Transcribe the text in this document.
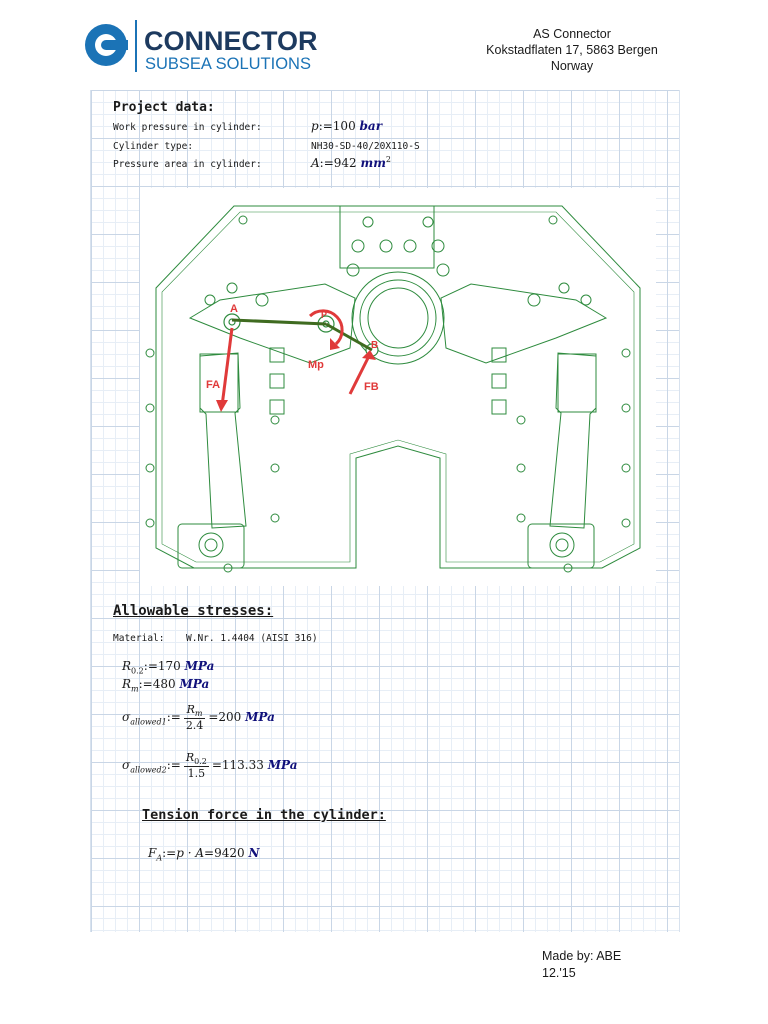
CONNECTOR
SUBSEA SOLUTIONS
AS Connector
Kokstadflaten 17, 5863 Bergen
Norway
Project data:
Work pressure in cylinder:	p:=100 bar
Cylinder type:	NH30-SD-40/20X110-S
Pressure area in cylinder:	A:=942 $mm^2$
A	P
B
Mp
FA	FB
Allowable stresses:
Material: W.Nr. 1.4404 (AISI 316)
$R_{0.2}:=170$ MPa
$R_m:=480$ MPa
$\sigma_{allowed1}:= \frac{R_m}{2.4} =200$ MPa
$\sigma_{allowed2}:= \frac{R_{0.2}}{1.5} =113.33$ MPa
Tension force in the cylinder:
$F_A:=p \cdot A=9420$ N
Made by: ABE
12.'15
